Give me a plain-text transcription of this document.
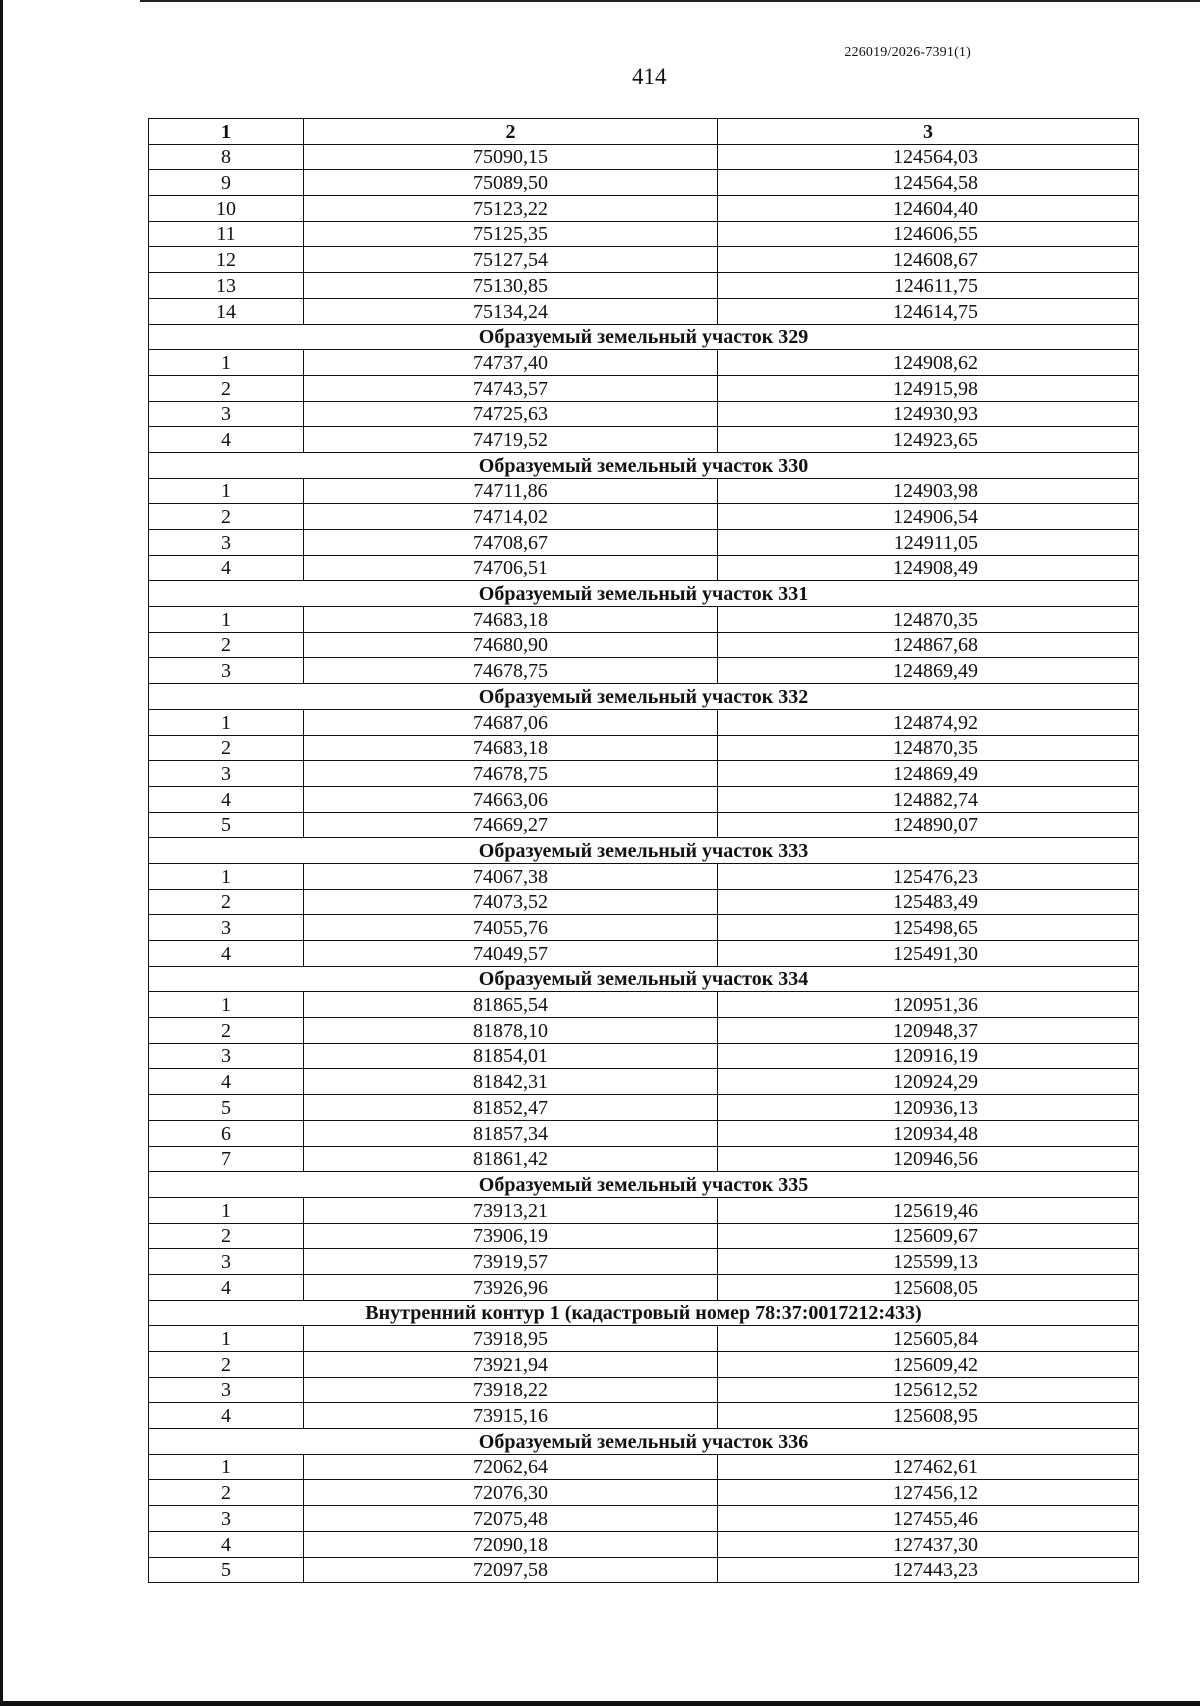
226019/2026-7391(1)
414
1	2	3
8	75090,15	124564,03
9	75089,50	124564,58
10	75123,22	124604,40
11	75125,35	124606,55
12	75127,54	124608,67
13	75130,85	124611,75
14	75134,24	124614,75
Образуемый земельный участок 329		
1	74737,40	124908,62
2	74743,57	124915,98
3	74725,63	124930,93
4	74719,52	124923,65
Образуемый земельный участок 330		
1	74711,86	124903,98
2	74714,02	124906,54
3	74708,67	124911,05
4	74706,51	124908,49
Образуемый земельный участок 331		
1	74683,18	124870,35
2	74680,90	124867,68
3	74678,75	124869,49
Образуемый земельный участок 332		
1	74687,06	124874,92
2	74683,18	124870,35
3	74678,75	124869,49
4	74663,06	124882,74
5	74669,27	124890,07
Образуемый земельный участок 333		
1	74067,38	125476,23
2	74073,52	125483,49
3	74055,76	125498,65
4	74049,57	125491,30
Образуемый земельный участок 334		
1	81865,54	120951,36
2	81878,10	120948,37
3	81854,01	120916,19
4	81842,31	120924,29
5	81852,47	120936,13
6	81857,34	120934,48
7	81861,42	120946,56
Образуемый земельный участок 335		
1	73913,21	125619,46
2	73906,19	125609,67
3	73919,57	125599,13
4	73926,96	125608,05
Внутренний контур 1 (кадастровый номер 78:37:0017212:433)		
1	73918,95	125605,84
2	73921,94	125609,42
3	73918,22	125612,52
4	73915,16	125608,95
Образуемый земельный участок 336		
1	72062,64	127462,61
2	72076,30	127456,12
3	72075,48	127455,46
4	72090,18	127437,30
5	72097,58	127443,23
